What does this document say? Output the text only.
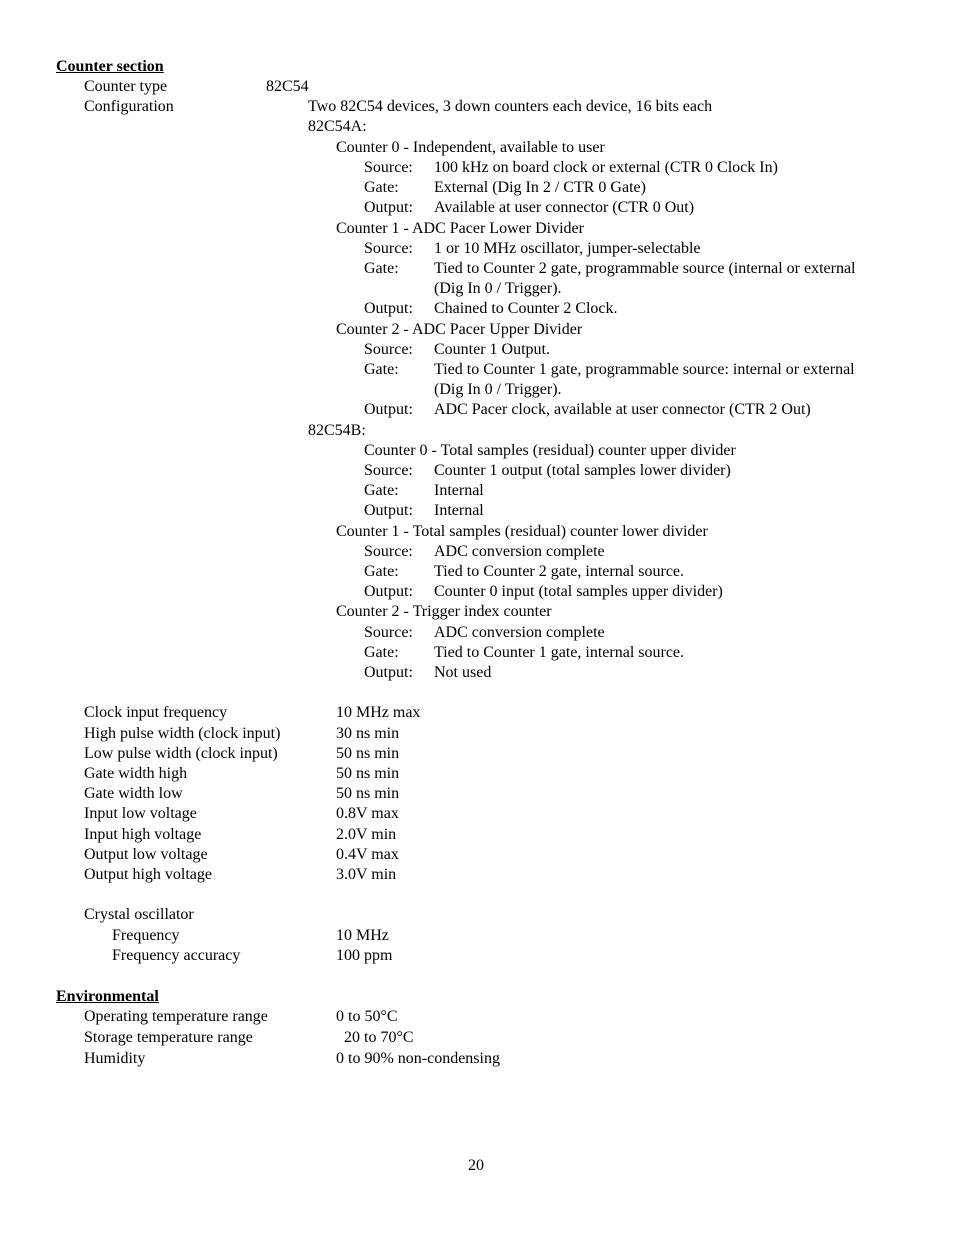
Counter section
Counter type	82C54
Configuration	Two 82C54 devices, 3 down counters each device, 16 bits each
82C54A:
Counter 0 - Independent, available to user
Source: 100 kHz on board clock or external (CTR 0 Clock In)
Gate: External (Dig In 2 / CTR 0 Gate)
Output: Available at user connector (CTR 0 Out)
Counter 1 - ADC Pacer Lower Divider
Source: 1 or 10 MHz oscillator, jumper-selectable
Gate: Tied to Counter 2 gate, programmable source (internal or external
(Dig In 0 / Trigger).
Output: Chained to Counter 2 Clock.
Counter 2 - ADC Pacer Upper Divider
Source: Counter 1 Output.
Gate: Tied to Counter 1 gate, programmable source: internal or external
(Dig In 0 / Trigger).
Output: ADC Pacer clock, available at user connector (CTR 2 Out)
82C54B:
Counter 0 - Total samples (residual) counter upper divider
Source: Counter 1 output (total samples lower divider)
Gate: Internal
Output: Internal
Counter 1 - Total samples (residual) counter lower divider
Source: ADC conversion complete
Gate: Tied to Counter 2 gate, internal source.
Output: Counter 0 input (total samples upper divider)
Counter 2 - Trigger index counter
Source: ADC conversion complete
Gate: Tied to Counter 1 gate, internal source.
Output: Not used
Clock input frequency	10 MHz max
High pulse width (clock input)	30 ns min
Low pulse width (clock input)	50 ns min
Gate width high	50 ns min
Gate width low	50 ns min
Input low voltage	0.8V max
Input high voltage	2.0V min
Output low voltage	0.4V max
Output high voltage	3.0V min
Crystal oscillator
Frequency	10 MHz
Frequency accuracy	100 ppm
Environmental
Operating temperature range	0 to 50°C
Storage temperature range	20 to 70°C
Humidity	0 to 90% non-condensing
20
